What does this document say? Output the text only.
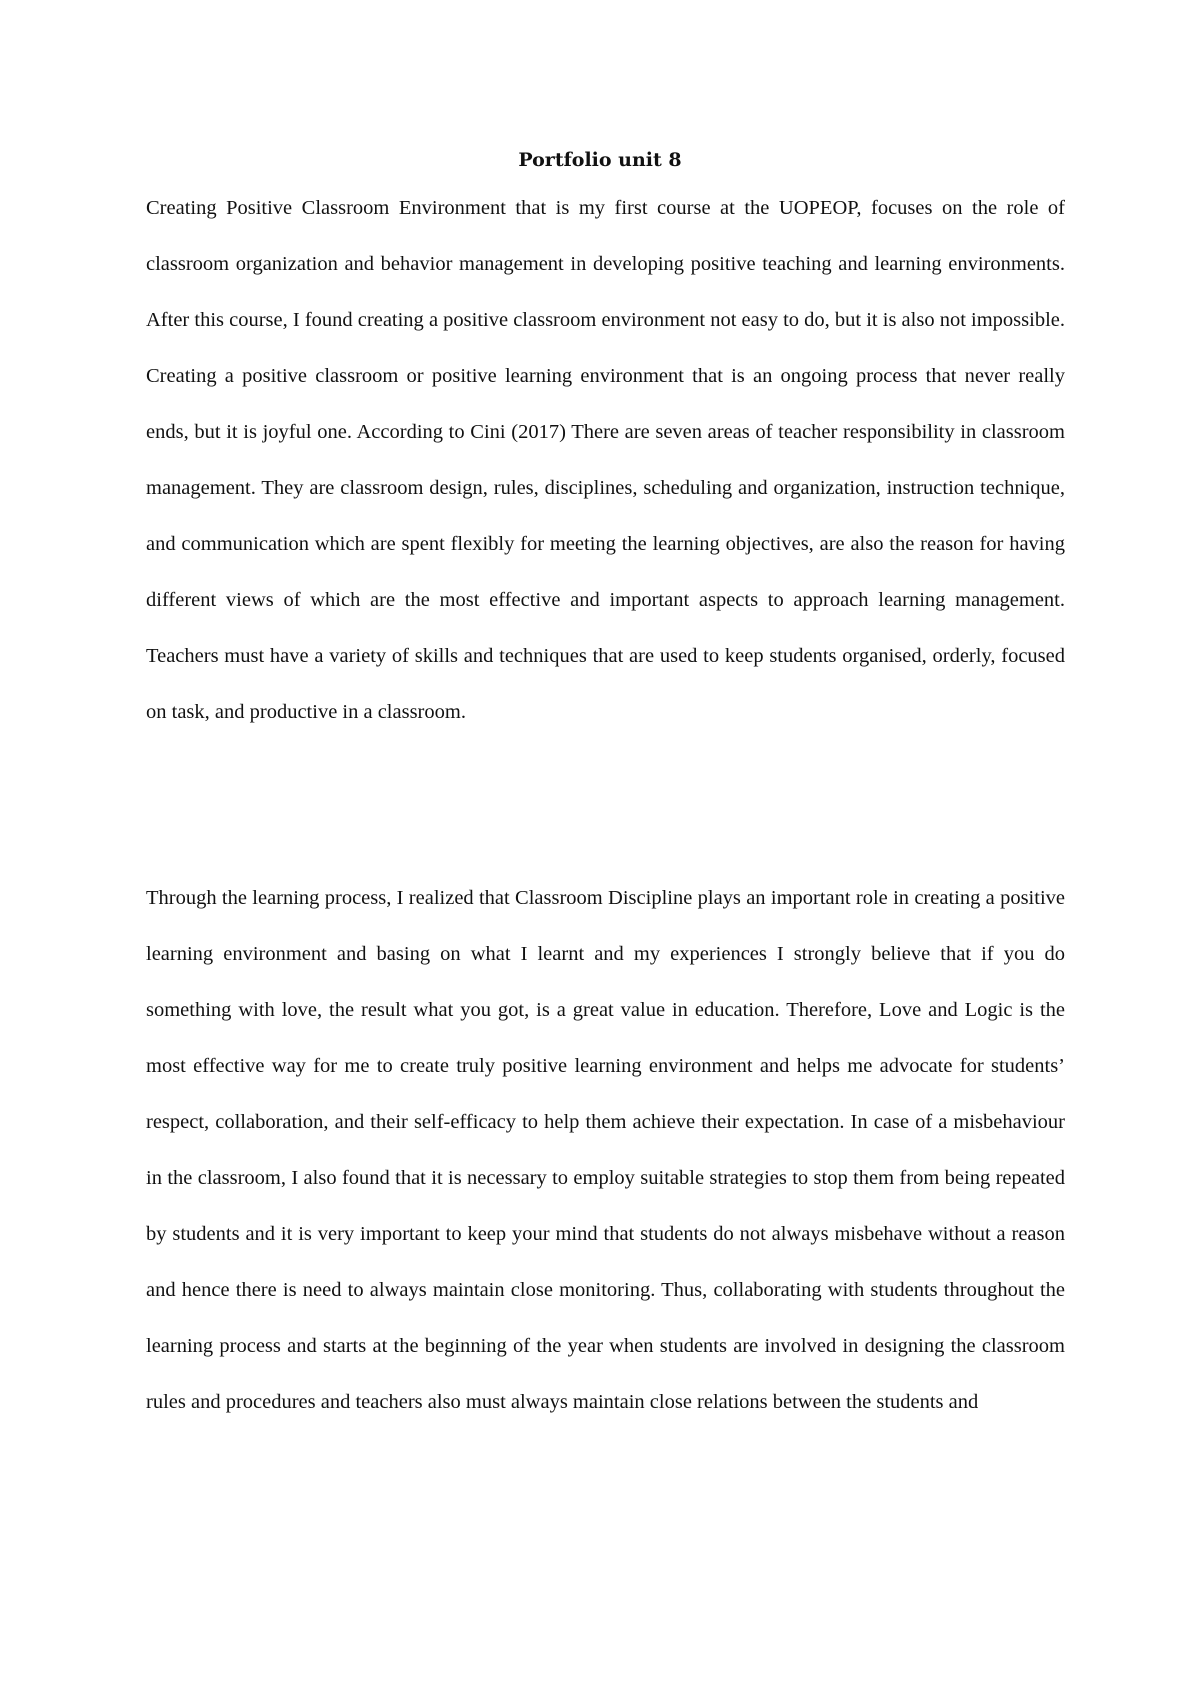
Portfolio unit 8

Creating Positive Classroom Environment that is my first course at the UOPEOP, focuses on the role of classroom organization and behavior management in developing positive teaching and learning environments. After this course, I found creating a positive classroom environment not easy to do, but it is also not impossible. Creating a positive classroom or positive learning environment that is an ongoing process that never really ends, but it is joyful one. According to Cini (2017) There are seven areas of teacher responsibility in classroom management. They are classroom design, rules, disciplines, scheduling and organization, instruction technique, and communication which are spent flexibly for meeting the learning objectives, are also the reason for having different views of which are the most effective and important aspects to approach learning management. Teachers must have a variety of skills and techniques that are used to keep students organised, orderly, focused on task, and productive in a classroom.

Through the learning process, I realized that Classroom Discipline plays an important role in creating a positive learning environment and basing on what I learnt and my experiences I strongly believe that if you do something with love, the result what you got, is a great value in education. Therefore, Love and Logic is the most effective way for me to create truly positive learning environment and helps me advocate for students’ respect, collaboration, and their self-efficacy to help them achieve their expectation. In case of a misbehaviour in the classroom, I also found that it is necessary to employ suitable strategies to stop them from being repeated by students and it is very important to keep your mind that students do not always misbehave without a reason and hence there is need to always maintain close monitoring. Thus, collaborating with students throughout the learning process and starts at the beginning of the year when students are involved in designing the classroom rules and procedures and teachers also must always maintain close relations between the students and
